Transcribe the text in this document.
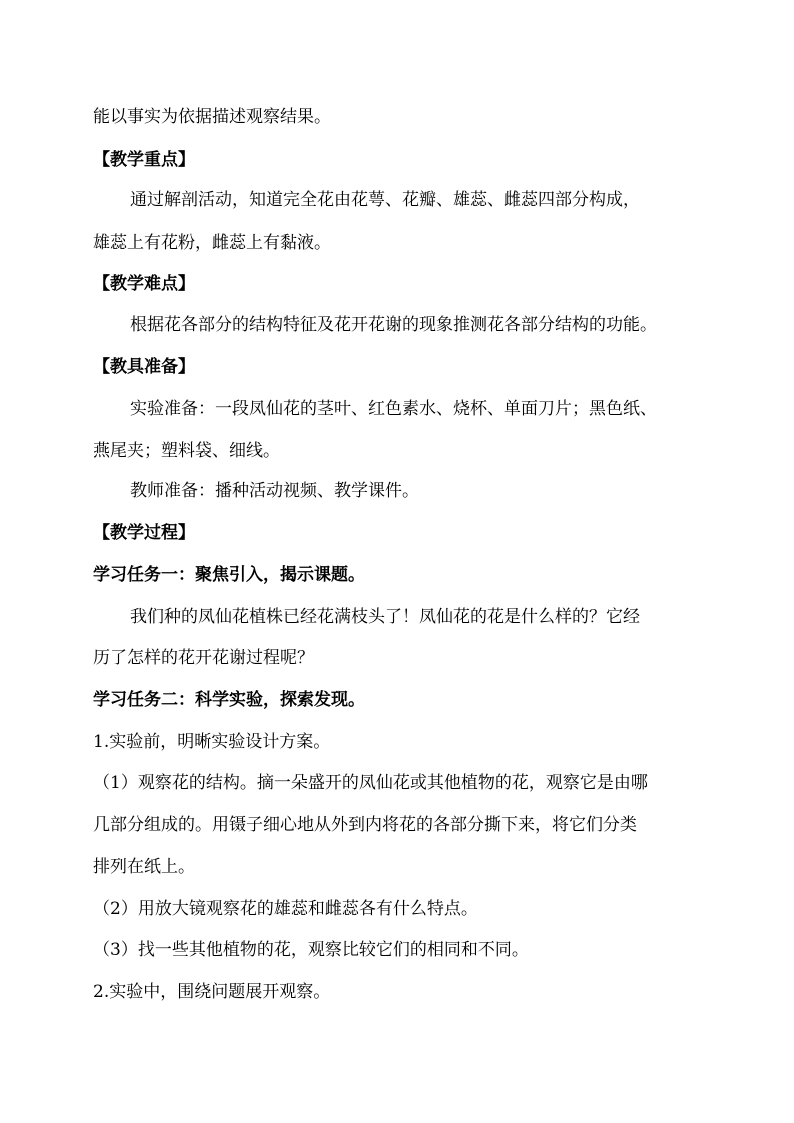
能以事实为依据描述观察结果。
【教学重点】
通过解剖活动，知道完全花由花萼、花瓣、雄蕊、雌蕊四部分构成，
雄蕊上有花粉，雌蕊上有黏液。
【教学难点】
根据花各部分的结构特征及花开花谢的现象推测花各部分结构的功能。
【教具准备】
实验准备：一段凤仙花的茎叶、红色素水、烧杯、单面刀片；黑色纸、
燕尾夹；塑料袋、细线。
教师准备：播种活动视频、教学课件。
【教学过程】
学习任务一：聚焦引入，揭示课题。
我们种的凤仙花植株已经花满枝头了！凤仙花的花是什么样的？它经
历了怎样的花开花谢过程呢？
学习任务二：科学实验，探索发现。
1.实验前，明晰实验设计方案。
（1）观察花的结构。摘一朵盛开的凤仙花或其他植物的花，观察它是由哪
几部分组成的。用镊子细心地从外到内将花的各部分撕下来，将它们分类
排列在纸上。
（2）用放大镜观察花的雄蕊和雌蕊各有什么特点。
（3）找一些其他植物的花，观察比较它们的相同和不同。
2.实验中，围绕问题展开观察。
